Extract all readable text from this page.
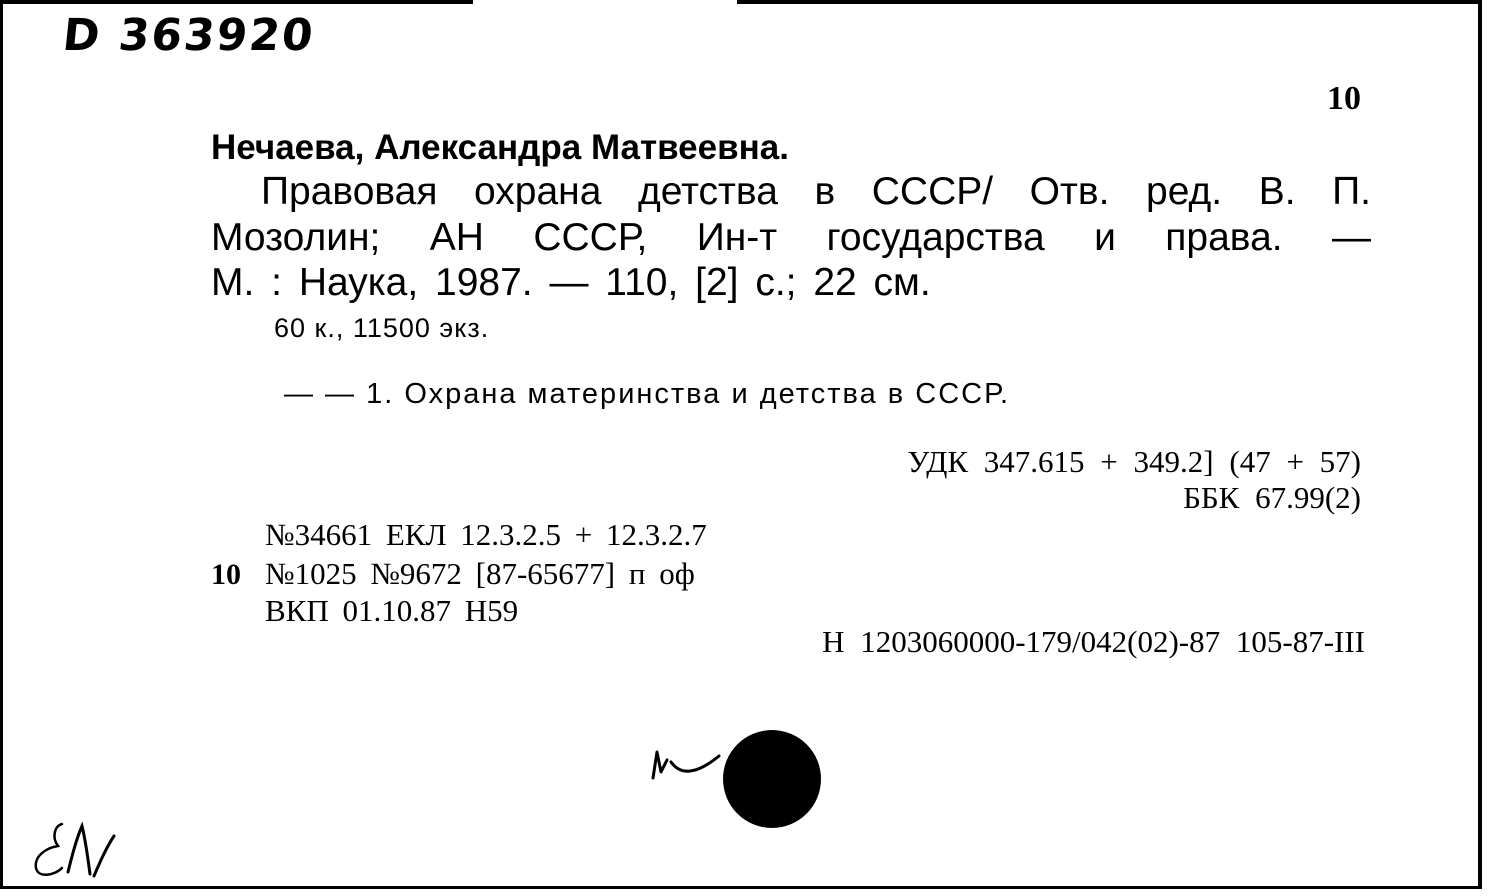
D 363920
10
Нечаева, Александра Матвеевна.
Правовая охрана детства в СССР/ Отв. ред. В. П.
Мозолин; АН СССР, Ин-т государства и права. —
М. : Наука, 1987. — 110, [2] с.; 22 см.
60 к., 11500 экз.
— — 1. Охрана материнства и детства в СССР.
УДК 347.615 + 349.2] (47 + 57)
ББК 67.99(2)
№34661 ЕКЛ 12.3.2.5 + 12.3.2.7
10 №1025 №9672 [87-65677] п оф
ВКП 01.10.87 Н59
Н 1203060000-179/042(02)-87 105-87-III
